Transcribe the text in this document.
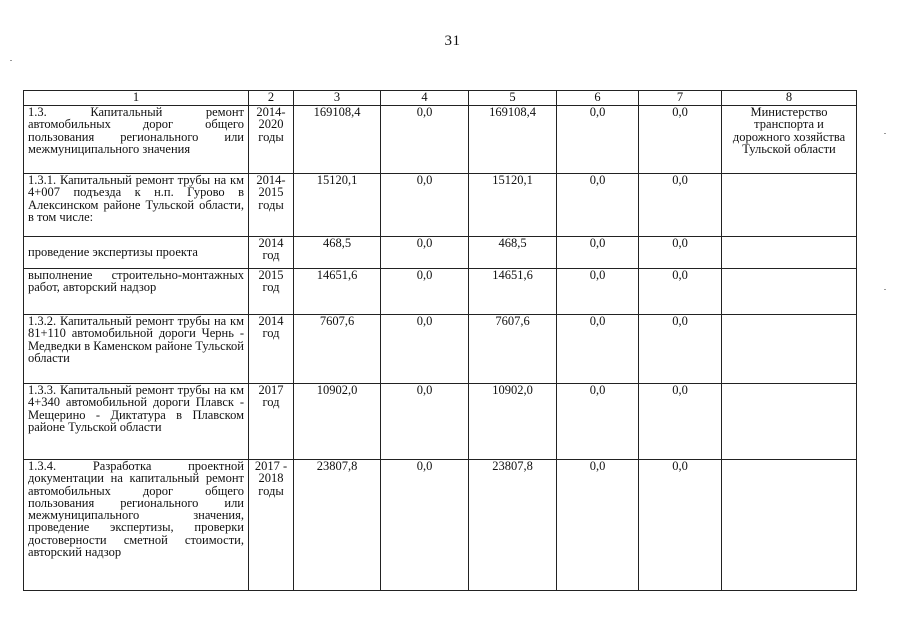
31
1	2	3	4	5	6	7	8
1.3. Капитальный ремонт автомобильных дорог общего пользования регионального или межмуниципального значения	2014-2020 годы	169108,4	0,0	169108,4	0,0	0,0	Министерство транспорта и дорожного хозяйства Тульской области
1.3.1. Капитальный ремонт трубы на км 4+007 подъезда к н.п. Гурово в Алексинском районе Тульской области, в том числе:	2014-2015 годы	15120,1	0,0	15120,1	0,0	0,0	
проведение экспертизы проекта	2014 год	468,5	0,0	468,5	0,0	0,0	
выполнение строительно-монтажных работ, авторский надзор	2015 год	14651,6	0,0	14651,6	0,0	0,0	
1.3.2. Капитальный ремонт трубы на км 81+110 автомобильной дороги Чернь - Медведки в Каменском районе Тульской области	2014 год	7607,6	0,0	7607,6	0,0	0,0	
1.3.3. Капитальный ремонт трубы на км 4+340 автомобильной дороги Плавск - Мещерино - Диктатура в Плавском районе Тульской области	2017 год	10902,0	0,0	10902,0	0,0	0,0	
1.3.4. Разработка проектной документации на капитальный ремонт автомобильных дорог общего пользования регионального или межмуниципального значения, проведение экспертизы, проверки достоверности сметной стоимости, авторский надзор	2017 - 2018 годы	23807,8	0,0	23807,8	0,0	0,0	
